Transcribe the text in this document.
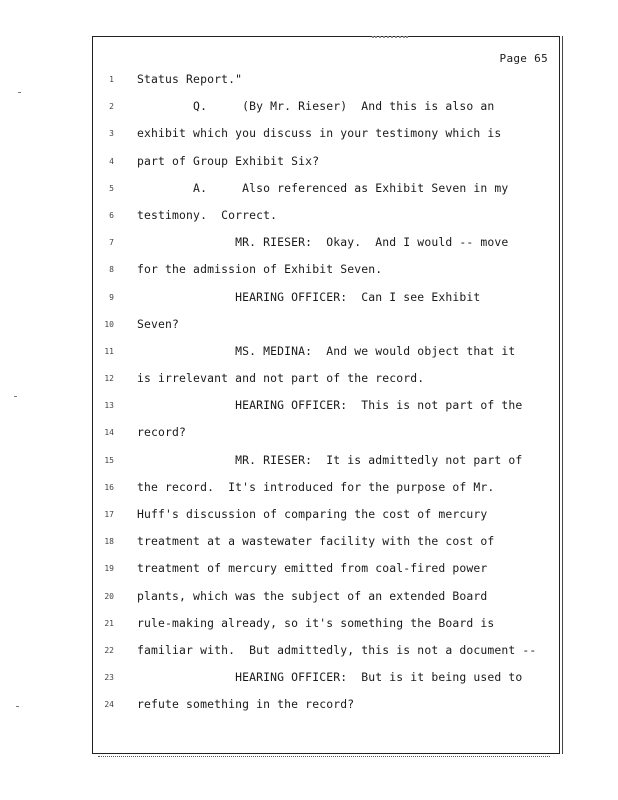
Page 65
1 Status Report."
2 Q.     (By Mr. Rieser)  And this is also an
3 exhibit which you discuss in your testimony which is
4 part of Group Exhibit Six?
5 A.     Also referenced as Exhibit Seven in my
6 testimony.  Correct.
7 MR. RIESER:  Okay.  And I would -- move
8 for the admission of Exhibit Seven.
9 HEARING OFFICER:  Can I see Exhibit
10 Seven?
11 MS. MEDINA:  And we would object that it
12 is irrelevant and not part of the record.
13 HEARING OFFICER:  This is not part of the
14 record?
15 MR. RIESER:  It is admittedly not part of
16 the record.  It's introduced for the purpose of Mr.
17 Huff's discussion of comparing the cost of mercury
18 treatment at a wastewater facility with the cost of
19 treatment of mercury emitted from coal-fired power
20 plants, which was the subject of an extended Board
21 rule-making already, so it's something the Board is
22 familiar with.  But admittedly, this is not a document --
23 HEARING OFFICER:  But is it being used to
24 refute something in the record?
